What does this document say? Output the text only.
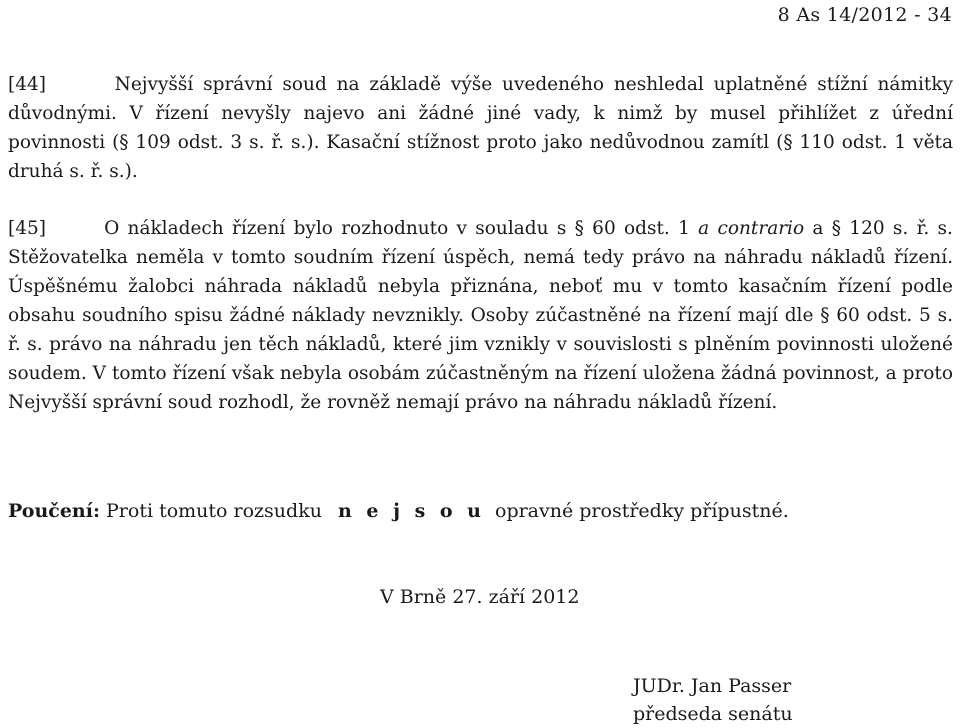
8 As 14/2012 - 34

[44]	Nejvyšší správní soud na základě výše uvedeného neshledal uplatněné stížní námitky důvodnými. V řízení nevyšly najevo ani žádné jiné vady, k nimž by musel přihlížet z úřední povinnosti (§ 109 odst. 3 s. ř. s.). Kasační stížnost proto jako nedůvodnou zamítl (§ 110 odst. 1 věta druhá s. ř. s.).

[45]	O nákladech řízení bylo rozhodnuto v souladu s § 60 odst. 1 a contrario a § 120 s. ř. s. Stěžovatelka neměla v tomto soudním řízení úspěch, nemá tedy právo na náhradu nákladů řízení. Úspěšnému žalobci náhrada nákladů nebyla přiznána, neboť mu v tomto kasačním řízení podle obsahu soudního spisu žádné náklady nevznikly. Osoby zúčastněné na řízení mají dle § 60 odst. 5 s. ř. s. právo na náhradu jen těch nákladů, které jim vznikly v souvislosti s plněním povinnosti uložené soudem. V tomto řízení však nebyla osobám zúčastněným na řízení uložena žádná povinnost, a proto Nejvyšší správní soud rozhodl, že rovněž nemají právo na náhradu nákladů řízení.

Poučení: Proti tomuto rozsudku n e j s o u opravné prostředky přípustné.

V Brně 27. září 2012

JUDr. Jan Passer
předseda senátu
